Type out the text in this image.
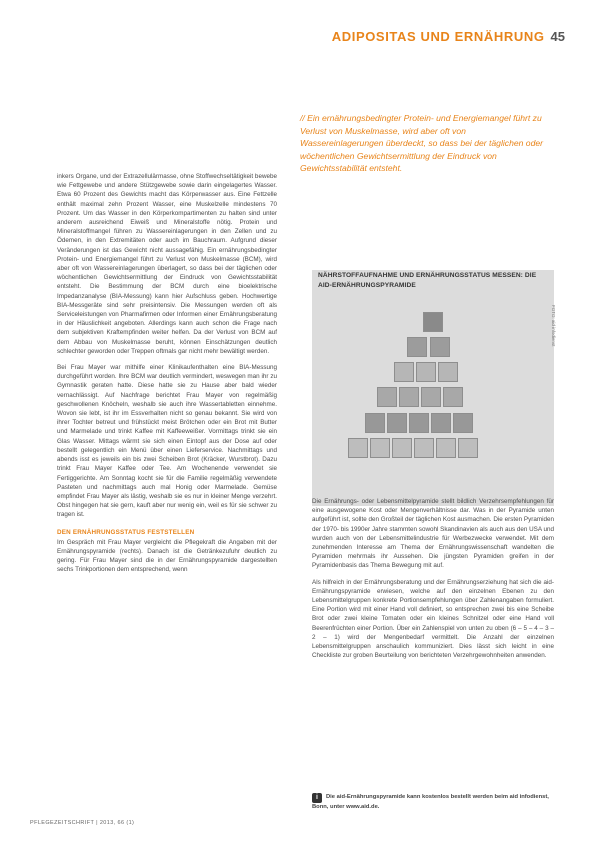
ADIPOSITAS UND ERNÄHRUNG 45
// Ein ernährungsbedingter Protein- und Energiemangel führt zu Verlust von Muskelmasse, wird aber oft von Wassereinlagerungen überdeckt, so dass bei der täglichen oder wöchentlichen Gewichtsermittlung der Eindruck von Gewichtsstabilität entsteht.

inkers Organe, und der Extrazellulärmasse, ohne Stoffwechseltätigkeit bewebe wie Fettgewebe und andere Stützgewebe sowie darin eingelagertes Wasser. Etwa 60 Prozent des Gewichts macht das Körperwasser aus. Eine Fettzelle enthält maximal zehn Prozent Wasser, eine Muskelzelle mindestens 70 Prozent. Um das Wasser in den Körperkompartimenten zu halten sind unter anderem ausreichend Eiweiß und Mineralstoffe nötig. Protein und Mineralstoffmangel führen zu Wassereinlagerungen in den Zellen und zu Ödemen, in den Extremitäten oder auch im Bauchraum. Aufgrund dieser Veränderungen ist das Gewicht nicht aussagefähig. Ein ernährungsbedingter Protein- und Energiemangel führt zu Verlust von Muskelmasse (BCM), wird aber oft von Wassereinlagerungen überlagert, so dass bei der täglichen oder wöchentlichen Gewichtsermittlung der Eindruck von Gewichtsstabilität entsteht. Die Bestimmung der BCM durch eine bioelektrische Impedanzanalyse (BIA-Messung) kann hier Aufschluss geben. Hochwertige BIA-Messgeräte sind sehr preisintensiv. Die Messungen werden oft als Serviceleistungen von Pharmafirmen oder Informen einer Ernährungsberatung in der Häuslichkeit angeboten. Allerdings kann auch schon die Frage nach dem subjektiven Kraftempfinden weiter helfen. Da der Verlust von BCM auf dem Abbau von Muskelmasse beruht, können Einschätzungen deutlich schlechter geworden oder Treppen oftmals gar nicht mehr bewältigt werden.

Bei Frau Mayer war mithilfe einer Klinikaufenthalten eine BIA-Messung durchgeführt worden. Ihre BCM war deutlich vermindert, weswegen man ihr zu Gymnastik geraten hatte. Diese hatte sie zu Hause aber bald wieder vernachlässigt. Auf Nachfrage berichtet Frau Mayer von regelmäßig geschwollenen Knöcheln, weshalb sie auch ihre Wassertabletten einnehme. Wovon sie lebt, ist ihr im Essverhalten nicht so genau bekannt. Sie wird von ihrer Tochter betreut und frühstückt meist Brötchen oder ein Brot mit Butter und Marmelade und trinkt Kaffee mit Kaffeeweißer. Vormittags trinkt sie ein Glas Wasser. Mittags wärmt sie sich einen Eintopf aus der Dose auf oder bestellt gelegentlich ein Menü über einen Lieferservice. Nachmittags und abends isst es jeweils ein bis zwei Scheiben Brot (Kräcker, Wurstbrot). Dazu trinkt Frau Mayer Kaffee oder Tee. Am Wochenende verwendet sie Fertiggerichte. Am Sonntag kocht sie für die Familie regelmäßig verwendete Pasteten und nachmittags auch mal Honig oder Marmelade. Gemüse empfindet Frau Mayer als lästig, weshalb sie es nur in kleiner Menge verzehrt. Obst hingegen hat sie gern, kauft aber nur wenig ein, weil es für sie schwer zu tragen ist.

DEN ERNÄHRUNGSSTATUS FESTSTELLEN

Im Gespräch mit Frau Mayer vergleicht die Pflegekraft die Angaben mit der Ernährungspyramide (rechts). Danach ist die Getränkezufuhr deutlich zu gering. Für Frau Mayer sind die in der Ernährungspyramide dargestellten sechs Trinkportionen dem entsprechend, wenn

NÄHRSTOFFAUFNAHME UND ERNÄHRUNGSSTATUS MESSEN: DIE AID-ERNÄHRUNGSPYRAMIDE
FOTO: aid infodienst

Die Ernährungs- oder Lebensmittelpyramide stellt bildlich Verzehrsempfehlungen für eine ausgewogene Kost oder Mengenverhältnisse dar. Was in der Pyramide unten aufgeführt ist, sollte den Großteil der täglichen Kost ausmachen. Die ersten Pyramiden der 1970- bis 1990er Jahre stammten sowohl Skandinavien als auch aus den USA und wurden auch von der Lebensmittelindustrie für Werbezwecke verwendet. Mit dem zunehmenden Interesse am Thema der Ernährungswissenschaft wandelten die Pyramiden mehrmals ihr Aussehen. Die jüngsten Pyramiden greifen in der Pyramidenbasis das Thema Bewegung mit auf.

Als hilfreich in der Ernährungsberatung und der Ernährungserziehung hat sich die aid-Ernährungspyramide erwiesen, welche auf den einzelnen Ebenen zu den Lebensmittelgruppen konkrete Portionsempfehlungen über Zahlenangaben formuliert. Eine Portion wird mit einer Hand voll definiert, so entsprechen zwei bis eine Scheibe Brot oder zwei kleine Tomaten oder ein kleines Schnitzel oder eine Hand voll Beerenfrüchten einer Portion. Über ein Zahlenspiel von unten zu oben (6 – 5 – 4 – 3 – 2 – 1) wird der Mengenbedarf vermittelt. Die Anzahl der einzelnen Lebensmittelgruppen anschaulich kommuniziert. Dies lässt sich leicht in eine Checkliste zur groben Beurteilung von berichteten Verzehrgewohnheiten anwenden.

i Die aid-Ernährungspyramide kann kostenlos bestellt werden beim aid infodienst, Bonn, unter www.aid.de.
PFLEGEZEITSCHRIFT | 2013, 66 (1)
